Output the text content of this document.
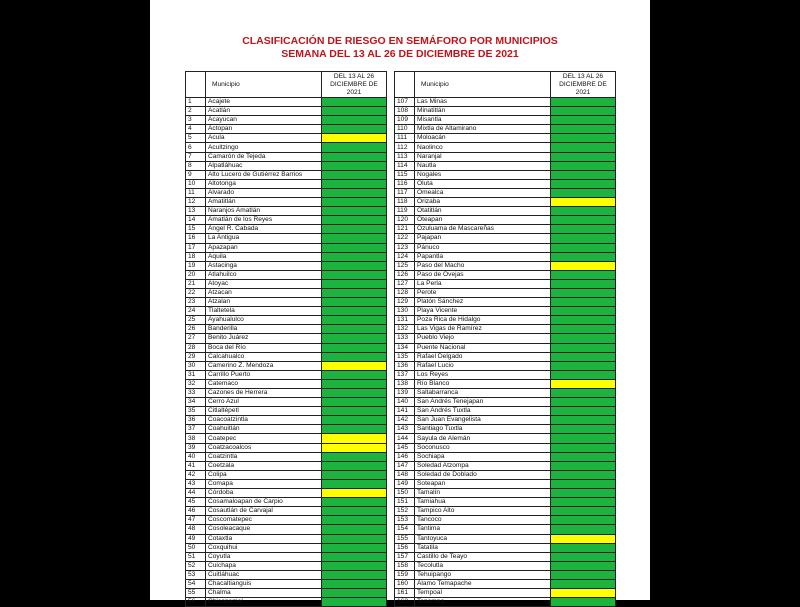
CLASIFICACIÓN DE RIESGO EN SEMÁFORO POR MUNICIPIOS
SEMANA DEL 13 AL 26 DE DICIEMBRE DE 2021
	Municipio	DEL 13 AL 26 DICIEMBRE DE 2021
1	Acajete	
2	Acatlán	
3	Acayucan	
4	Actopan	
5	Acula	
6	Acultzingo	
7	Camarón de Tejeda	
8	Alpatláhuac	
9	Alto Lucero de Gutiérrez Barrios	
10	Altotonga	
11	Alvarado	
12	Amatitlán	
13	Naranjos Amatlán	
14	Amatlán de los Reyes	
15	Ángel R. Cabada	
16	La Antigua	
17	Apazapan	
18	Aquila	
19	Astacinga	
20	Atlahuilco	
21	Atoyac	
22	Atzacan	
23	Atzalan	
24	Tlaltetela	
25	Ayahualulco	
26	Banderilla	
27	Benito Juárez	
28	Boca del Río	
29	Calcahualco	
30	Camerino Z. Mendoza	
31	Carrillo Puerto	
32	Catemaco	
33	Cazones de Herrera	
34	Cerro Azul	
35	Citlaltépetl	
36	Coacoatzintla	
37	Coahuitlán	
38	Coatepec	
39	Coatzacoalcos	
40	Coatzintla	
41	Coetzala	
42	Colipa	
43	Comapa	
44	Córdoba	
45	Cosamaloapan de Carpio	
46	Cosautlán de Carvajal	
47	Coscomatepec	
48	Cosoleacaque	
49	Cotaxtla	
50	Coxquihui	
51	Coyutla	
52	Cuichapa	
53	Cuitláhuac	
54	Chacaltianguis	
55	Chalma	
56	Chiconamel	
	Municipio	DEL 13 AL 26 DICIEMBRE DE 2021
107	Las Minas	
108	Minatitlán	
109	Misantla	
110	Mixtla de Altamirano	
111	Moloacán	
112	Naolinco	
113	Naranjal	
114	Nautla	
115	Nogales	
116	Oluta	
117	Omealca	
118	Orizaba	
119	Otatitlán	
120	Oteapan	
121	Ozuluama de Mascareñas	
122	Pajapan	
123	Pánuco	
124	Papantla	
125	Paso del Macho	
126	Paso de Ovejas	
127	La Perla	
128	Perote	
129	Platón Sánchez	
130	Playa Vicente	
131	Poza Rica de Hidalgo	
132	Las Vigas de Ramírez	
133	Pueblo Viejo	
134	Puente Nacional	
135	Rafael Delgado	
136	Rafael Lucio	
137	Los Reyes	
138	Río Blanco	
139	Saltabarranca	
140	San Andrés Tenejapan	
141	San Andrés Tuxtla	
142	San Juan Evangelista	
143	Santiago Tuxtla	
144	Sayula de Alemán	
145	Soconusco	
146	Sochiapa	
147	Soledad Atzompa	
148	Soledad de Doblado	
149	Soteapan	
150	Tamalín	
151	Tamiahua	
152	Tampico Alto	
153	Tancoco	
154	Tantima	
155	Tantoyuca	
156	Tatatila	
157	Castillo de Teayo	
158	Tecolutla	
159	Tehuipango	
160	Álamo Temapache	
161	Tempoal	
162	Tenampa	
